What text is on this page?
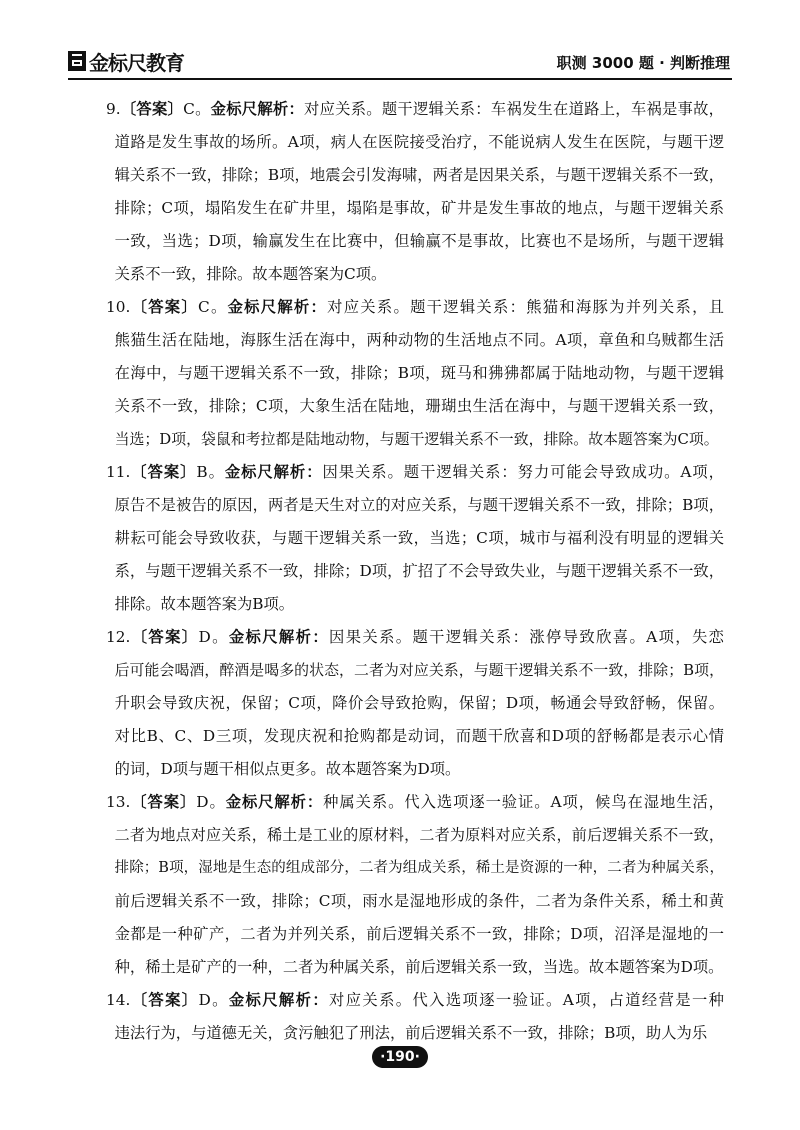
金标尺教育	职测 3000 题 · 判断推理
9.〔答案〕C。金标尺解析：对应关系。题干逻辑关系：车祸发生在道路上，车祸是事故，
道路是发生事故的场所。A项，病人在医院接受治疗，不能说病人发生在医院，与题干逻
辑关系不一致，排除；B项，地震会引发海啸，两者是因果关系，与题干逻辑关系不一致，
排除；C项，塌陷发生在矿井里，塌陷是事故，矿井是发生事故的地点，与题干逻辑关系
一致，当选；D项，输赢发生在比赛中，但输赢不是事故，比赛也不是场所，与题干逻辑
关系不一致，排除。故本题答案为C项。
10.〔答案〕C。金标尺解析：对应关系。题干逻辑关系：熊猫和海豚为并列关系，且
熊猫生活在陆地，海豚生活在海中，两种动物的生活地点不同。A项，章鱼和乌贼都生活
在海中，与题干逻辑关系不一致，排除；B项，斑马和狒狒都属于陆地动物，与题干逻辑
关系不一致，排除；C项，大象生活在陆地，珊瑚虫生活在海中，与题干逻辑关系一致，
当选；D项，袋鼠和考拉都是陆地动物，与题干逻辑关系不一致，排除。故本题答案为C项。
11.〔答案〕B。金标尺解析：因果关系。题干逻辑关系：努力可能会导致成功。A项，
原告不是被告的原因，两者是天生对立的对应关系，与题干逻辑关系不一致，排除；B项，
耕耘可能会导致收获，与题干逻辑关系一致，当选；C项，城市与福利没有明显的逻辑关
系，与题干逻辑关系不一致，排除；D项，扩招了不会导致失业，与题干逻辑关系不一致，
排除。故本题答案为B项。
12.〔答案〕D。金标尺解析：因果关系。题干逻辑关系：涨停导致欣喜。A项，失恋
后可能会喝酒，醉酒是喝多的状态，二者为对应关系，与题干逻辑关系不一致，排除；B项，
升职会导致庆祝，保留；C项，降价会导致抢购，保留；D项，畅通会导致舒畅，保留。
对比B、C、D三项，发现庆祝和抢购都是动词，而题干欣喜和D项的舒畅都是表示心情
的词，D项与题干相似点更多。故本题答案为D项。
13.〔答案〕D。金标尺解析：种属关系。代入选项逐一验证。A项，候鸟在湿地生活，
二者为地点对应关系，稀土是工业的原材料，二者为原料对应关系，前后逻辑关系不一致，
排除；B项，湿地是生态的组成部分，二者为组成关系，稀土是资源的一种，二者为种属关系，
前后逻辑关系不一致，排除；C项，雨水是湿地形成的条件，二者为条件关系，稀土和黄
金都是一种矿产，二者为并列关系，前后逻辑关系不一致，排除；D项，沼泽是湿地的一
种，稀土是矿产的一种，二者为种属关系，前后逻辑关系一致，当选。故本题答案为D项。
14.〔答案〕D。金标尺解析：对应关系。代入选项逐一验证。A项，占道经营是一种
违法行为，与道德无关，贪污触犯了刑法，前后逻辑关系不一致，排除；B项，助人为乐
·190·
